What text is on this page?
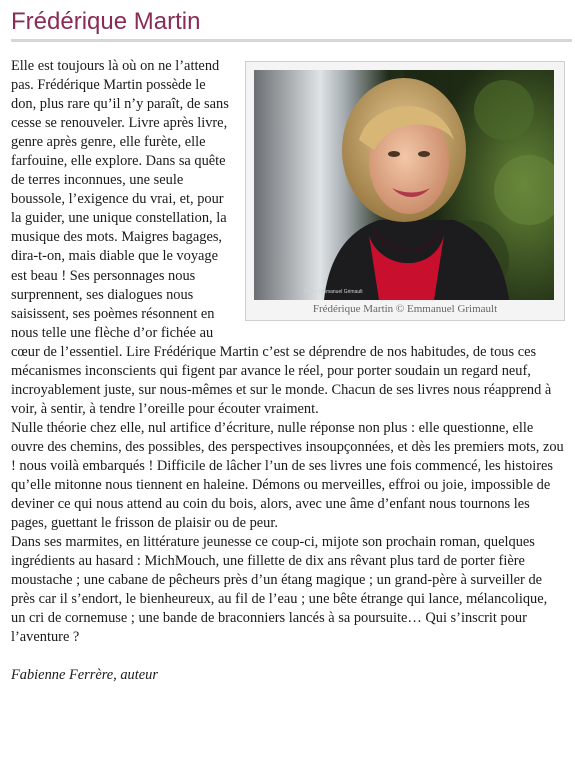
Frédérique Martin
Photo Emmanuel Grimault
Frédérique Martin © Emmanuel Grimault

Elle est toujours là où on ne l’attend pas. Frédérique Martin possède le don, plus rare qu’il n’y paraît, de sans cesse se renouveler. Livre après livre, genre après genre, elle furète, elle farfouine, elle explore. Dans sa quête de terres inconnues, une seule boussole, l’exigence du vrai, et, pour la guider, une unique constellation, la musique des mots. Maigres bagages, dira-t-on, mais diable que le voyage est beau ! Ses personnages nous surprennent, ses dialogues nous saisissent, ses poèmes résonnent en nous telle une flèche d’or fichée au cœur de l’essentiel. Lire Frédérique Martin c’est se déprendre de nos habitudes, de tous ces mécanismes inconscients qui figent par avance le réel, pour porter soudain un regard neuf, incroyablement juste, sur nous-mêmes et sur le monde. Chacun de ses livres nous réapprend à voir, à sentir, à tendre l’oreille pour écouter vraiment.

Nulle théorie chez elle, nul artifice d’écriture, nulle réponse non plus : elle questionne, elle ouvre des chemins, des possibles, des perspectives insoupçonnées, et dès les premiers mots, zou ! nous voilà embarqués ! Difficile de lâcher l’un de ses livres une fois commencé, les histoires qu’elle mitonne nous tiennent en haleine. Démons ou merveilles, effroi ou joie, impossible de deviner ce qui nous attend au coin du bois, alors, avec une âme d’enfant nous tournons les pages, guettant le frisson de plaisir ou de peur.

Dans ses marmites, en littérature jeunesse ce coup-ci, mijote son prochain roman, quelques ingrédients au hasard : MichMouch, une fillette de dix ans rêvant plus tard de porter fière moustache ; une cabane de pêcheurs près d’un étang magique ; un grand-père à surveiller de près car il s’endort, le bienheureux, au fil de l’eau ; une bête étrange qui lance, mélancolique, un cri de cornemuse ; une bande de braconniers lancés à sa poursuite… Qui s’inscrit pour l’aventure ?

Fabienne Ferrère, auteur
